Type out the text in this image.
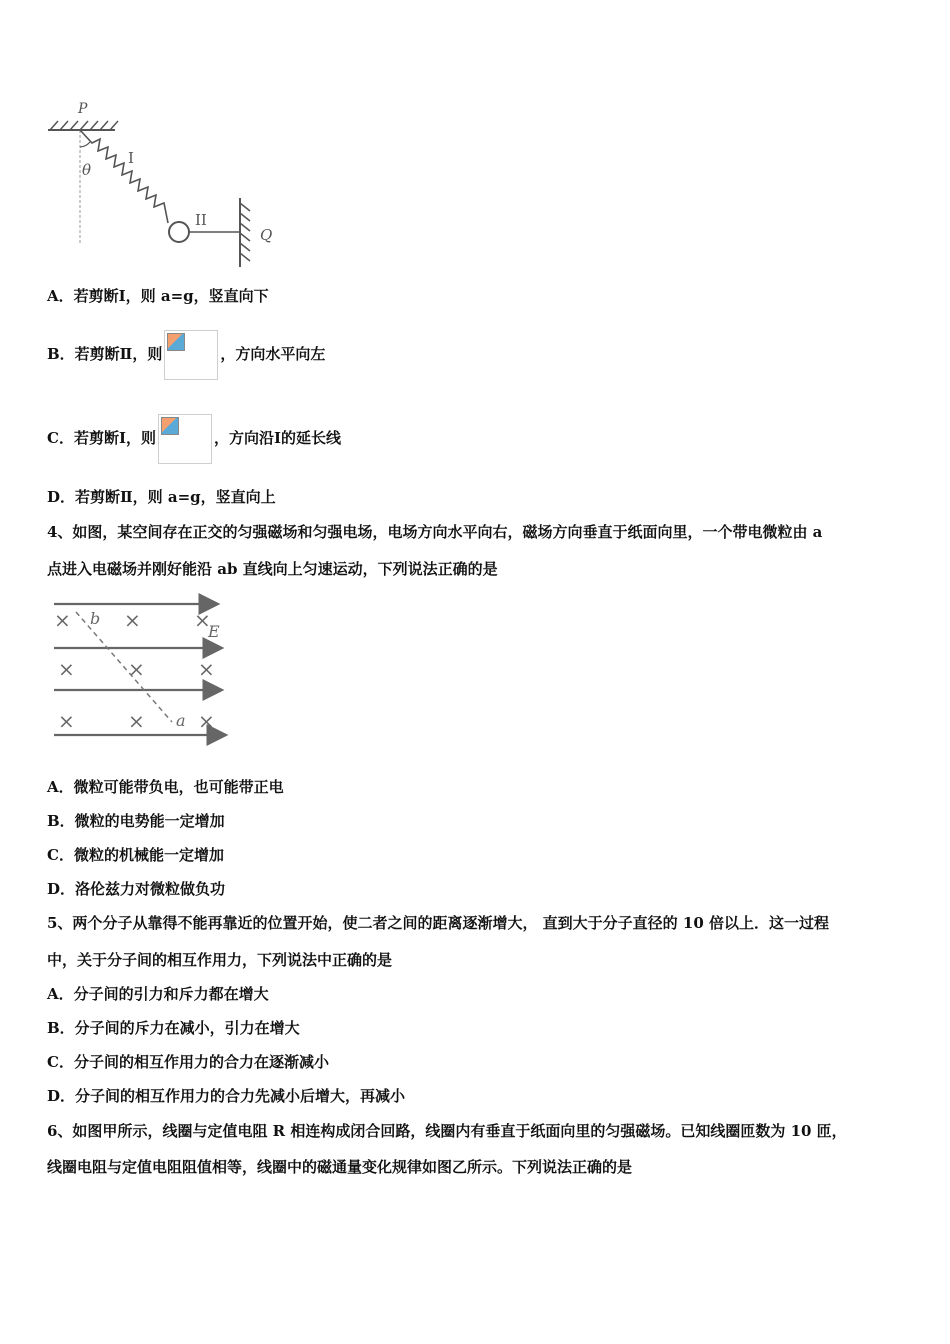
P
θ
I
II
Q
A．若剪断Ⅰ，则 a=g，竖直向下
B．若剪断Ⅱ，则	，方向水平向左
C．若剪断Ⅰ，则	，方向沿Ⅰ的延长线
D．若剪断Ⅱ，则 a=g，竖直向上
4、如图，某空间存在正交的匀强磁场和匀强电场，电场方向水平向右，磁场方向垂直于纸面向里，一个带电微粒由 a
点进入电磁场并刚好能沿 ab 直线向上匀速运动，下列说法正确的是
×	×	×
×	×	×
×	×	×
b
a
E
A．微粒可能带负电，也可能带正电
B．微粒的电势能一定增加
C．微粒的机械能一定增加
D．洛伦兹力对微粒做负功
5、两个分子从靠得不能再靠近的位置开始，使二者之间的距离逐渐增大， 直到大于分子直径的 10 倍以上．这一过程
中，关于分子间的相互作用力，下列说法中正确的是
A．分子间的引力和斥力都在增大
B．分子间的斥力在减小，引力在增大
C．分子间的相互作用力的合力在逐渐减小
D．分子间的相互作用力的合力先减小后增大，再减小
6、如图甲所示，线圈与定值电阻 R 相连构成闭合回路，线圈内有垂直于纸面向里的匀强磁场。已知线圈匝数为 10 匝，
线圈电阻与定值电阻阻值相等，线圈中的磁通量变化规律如图乙所示。下列说法正确的是
